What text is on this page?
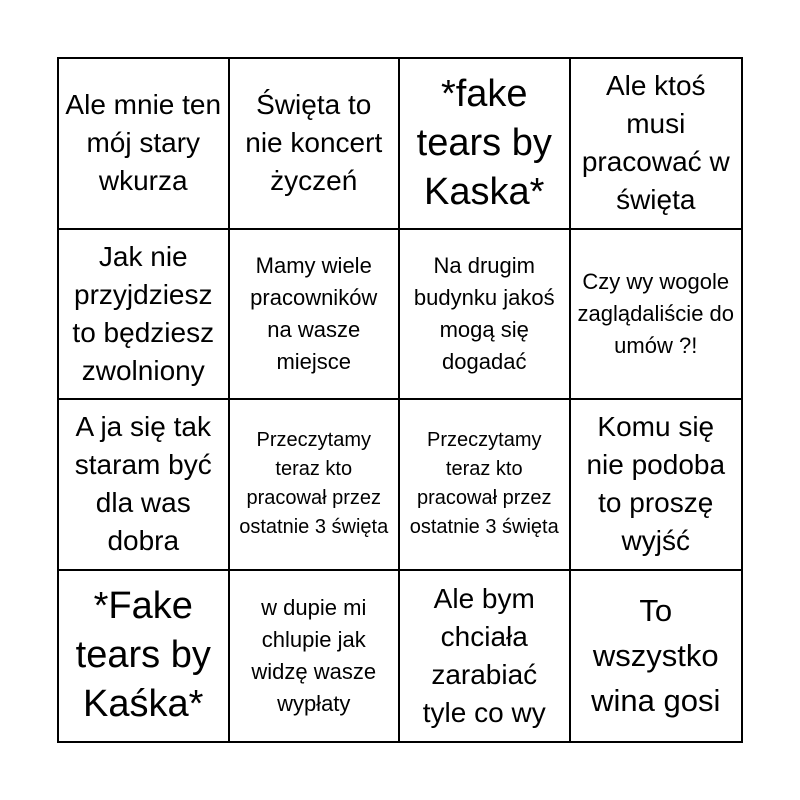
Ale mnie ten mój stary wkurza
Święta to nie koncert życzeń
*fake tears by Kaska*
Ale ktoś musi pracować w święta
Jak nie przyjdziesz to będziesz zwolniony
Mamy wiele pracowników na wasze miejsce
Na drugim budynku jakoś mogą się dogadać
Czy wy wogole zaglądaliście do umów ?!
A ja się tak staram być dla was dobra
Przeczytamy teraz kto pracował przez ostatnie 3 święta
Przeczytamy teraz kto pracował przez ostatnie 3 święta
Komu się nie podoba to proszę wyjść
*Fake tears by Kaśka*
w dupie mi chlupie jak widzę wasze wypłaty
Ale bym chciała zarabiać tyle co wy
To wszystko wina gosi
